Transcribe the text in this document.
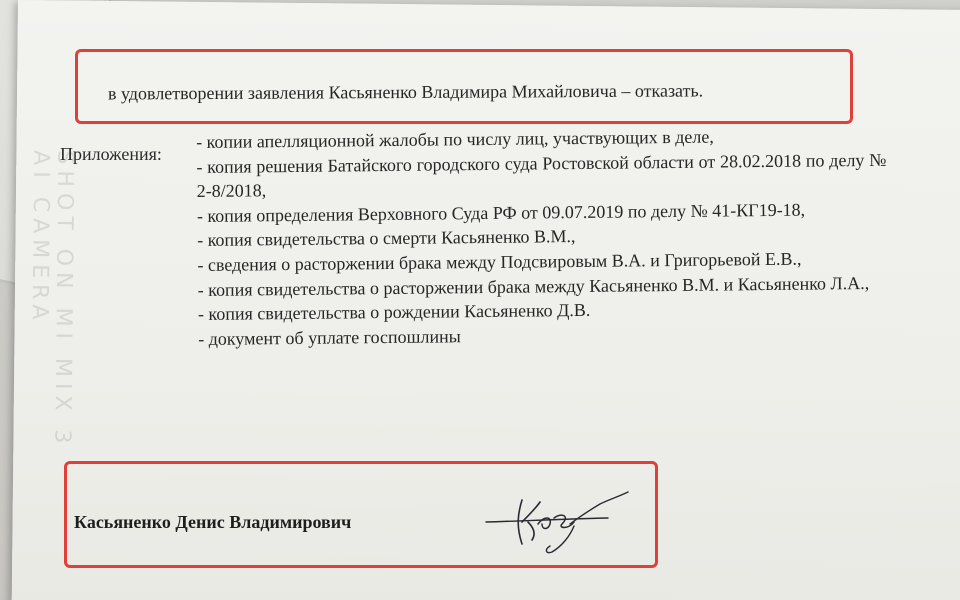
SHOT ON MI MIX 3
AI CAMERA
в удовлетворении заявления Касьяненко Владимира Михайловича – отказать.
Приложения:

- копии апелляционной жалобы по числу лиц, участвующих в деле,

- копия решения Батайского городского суда Ростовской области от 28.02.2018 по делу № 2-8/2018,

- копия определения Верховного Суда РФ от 09.07.2019 по делу № 41-КГ19-18,

- копия свидетельства о смерти Касьяненко В.М.,

- сведения о расторжении брака между Подсвировым В.А. и Григорьевой Е.В.,

- копия свидетельства о расторжении брака между Касьяненко В.М. и Касьяненко Л.А.,

- копия свидетельства о рождении Касьяненко Д.В.

- документ об уплате госпошлины

Касьяненко Денис Владимирович
